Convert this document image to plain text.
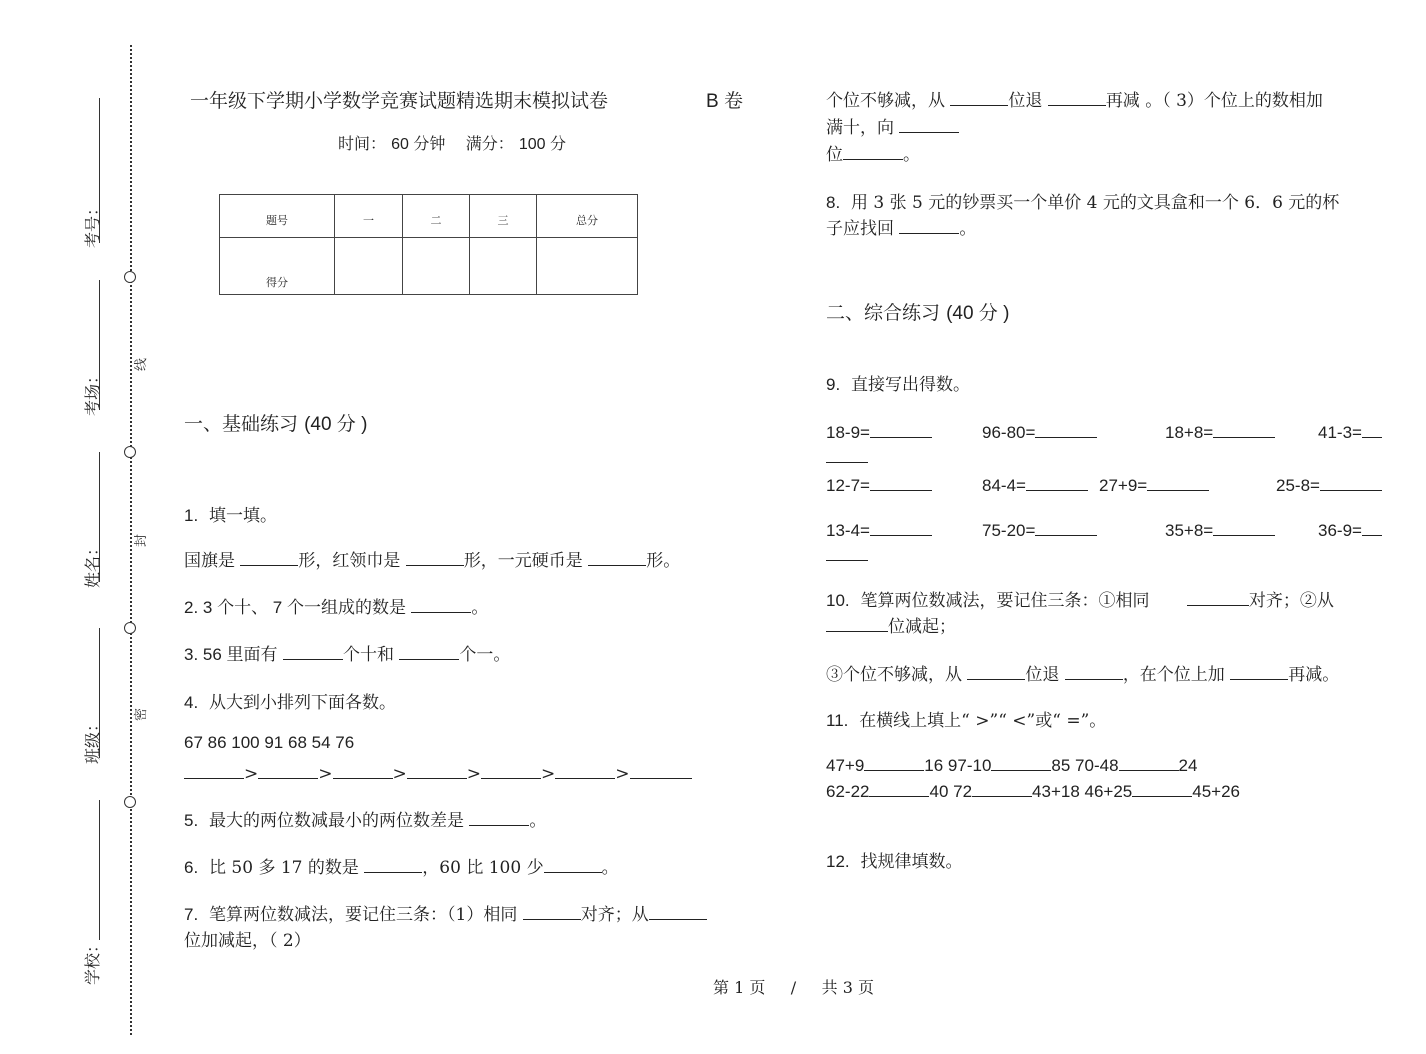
考号：
考场：
姓名：
班级：
学校：
线
封
密
一年级下学期小学数学竞赛试题精选期末模拟试卷	B 卷
时间： 60 分钟 满分： 100 分
题号	一	二	三	总分
得分				
一、基础练习 (40 分 )
1. 填一填。
国旗是	形，红领巾是	形，一元硬币是	形。
2. 3 个十、 7 个一组成的数是	。
3. 56 里面有	个十和	个一。
4. 从大到小排列下面各数。
67 86 100 91 68 54 76
>	>	>	>	>	>
5. 最大的两位数减最小的两位数差是	。
6. 比 50 多 17 的数是	，60 比 100 少	。
7. 笔算两位数减法，要记住三条：（1）相同	对齐；从
位加减起，（ 2）
个位不够减，从	位退	再减 。（ 3）个位上的数相加
满十，向
位	。
8. 用 3 张 5 元的钞票买一个单价 4 元的文具盒和一个 6．6 元的杯
子应找回	。
二、综合练习 (40 分 )
9. 直接写出得数。
18-9=	96-80=	18+8=	41-3=
12-7=	84-4=	27+9=	25-8=
13-4=	75-20=	35+8=	36-9=
10. 笔算两位数减法，要记住三条：①相同	对齐；②从
位减起；
③个位不够减，从	位退	，在个位上加	再减。
11. 在横线上填上“ >”“ <”或“ =”。
47+9	16 97-10	85 70-48	24
62-22	40 72	43+18 46+25	45+26
12. 找规律填数。
第 1 页 / 共 3 页
